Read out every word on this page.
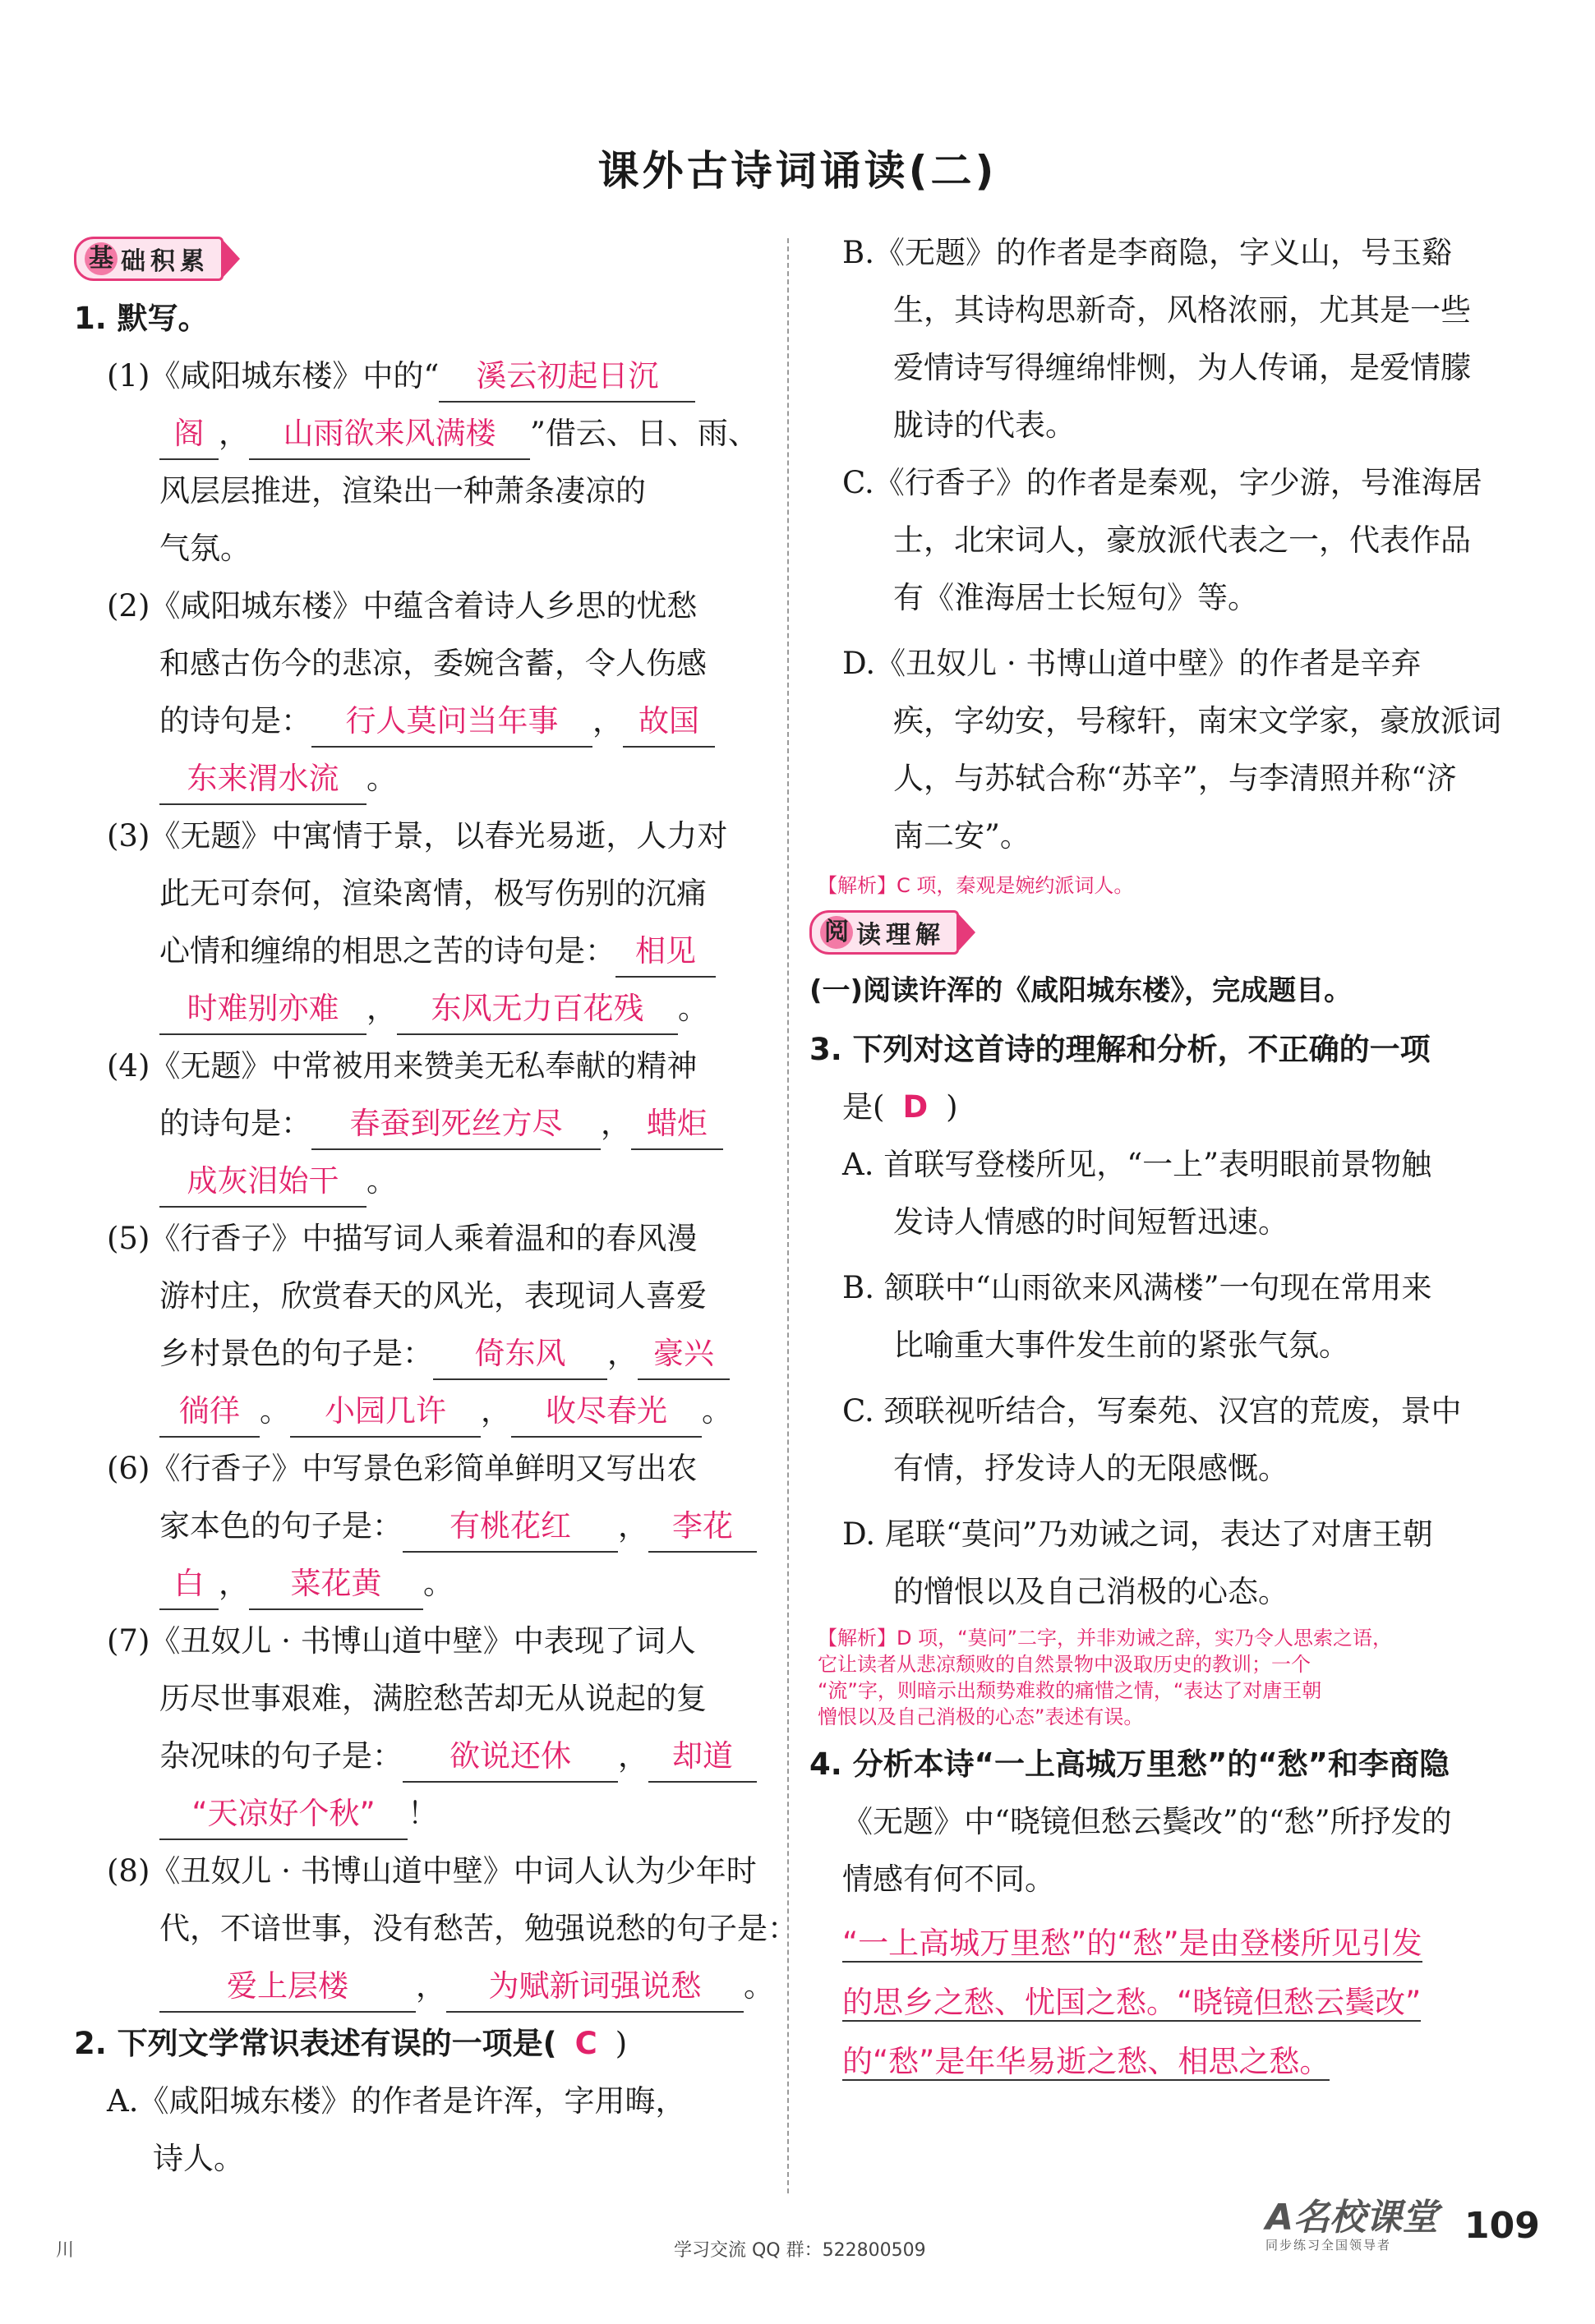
课外古诗词诵读(二)
基 础积累
1. 默写。
(1)《咸阳城东楼》中的“ 溪云初起日沉
阁 ， 山雨欲来风满楼 ”借云、日、雨、
风层层推进，渲染出一种萧条凄凉的
气氛。
(2)《咸阳城东楼》中蕴含着诗人乡思的忧愁
和感古伤今的悲凉，委婉含蓄，令人伤感
的诗句是： 行人莫问当年事 ， 故国
东来渭水流 。
(3)《无题》中寓情于景，以春光易逝，人力对
此无可奈何，渲染离情，极写伤别的沉痛
心情和缠绵的相思之苦的诗句是： 相见
时难别亦难 ， 东风无力百花残 。
(4)《无题》中常被用来赞美无私奉献的精神
的诗句是： 春蚕到死丝方尽 ， 蜡炬
成灰泪始干 。
(5)《行香子》中描写词人乘着温和的春风漫
游村庄，欣赏春天的风光，表现词人喜爱
乡村景色的句子是： 倚东风 ， 豪兴
徜徉 。 小园几许 ， 收尽春光 。
(6)《行香子》中写景色彩简单鲜明又写出农
家本色的句子是： 有桃花红 ， 李花
白 ， 菜花黄 。
(7)《丑奴儿 · 书博山道中壁》中表现了词人
历尽世事艰难，满腔愁苦却无从说起的复
杂况味的句子是： 欲说还休 ， 却道
“天凉好个秋” ！
(8)《丑奴儿 · 书博山道中壁》中词人认为少年时
代，不谙世事，没有愁苦，勉强说愁的句子是：
爱上层楼 ， 为赋新词强说愁 。
2. 下列文学常识表述有误的一项是( C )
A.《咸阳城东楼》的作者是许浑，字用晦，
诗人。
B.《无题》的作者是李商隐，字义山，号玉谿
生，其诗构思新奇，风格浓丽，尤其是一些
爱情诗写得缠绵悱恻，为人传诵，是爱情朦
胧诗的代表。
C.《行香子》的作者是秦观，字少游，号淮海居
士，北宋词人，豪放派代表之一，代表作品
有《淮海居士长短句》等。
D.《丑奴儿 · 书博山道中壁》的作者是辛弃
疾，字幼安，号稼轩，南宋文学家，豪放派词
人，与苏轼合称“苏辛”，与李清照并称“济
南二安”。
【解析】C 项，秦观是婉约派词人。
阅 读理解
(一)阅读许浑的《咸阳城东楼》，完成题目。
3. 下列对这首诗的理解和分析，不正确的一项
是( D )
A. 首联写登楼所见，“一上”表明眼前景物触
发诗人情感的时间短暂迅速。
B. 颔联中“山雨欲来风满楼”一句现在常用来
比喻重大事件发生前的紧张气氛。
C. 颈联视听结合，写秦苑、汉宫的荒废，景中
有情，抒发诗人的无限感慨。
D. 尾联“莫问”乃劝诫之词，表达了对唐王朝
的憎恨以及自己消极的心态。
【解析】D 项，“莫问”二字，并非劝诫之辞，实乃令人思索之语，
它让读者从悲凉颓败的自然景物中汲取历史的教训；一个
“流”字，则暗示出颓势难救的痛惜之情，“表达了对唐王朝
憎恨以及自己消极的心态”表述有误。
4. 分析本诗“一上高城万里愁”的“愁”和李商隐
《无题》中“晓镜但愁云鬓改”的“愁”所抒发的
情感有何不同。
“一上高城万里愁”的“愁”是由登楼所见引发
的思乡之愁、忧国之愁。“晓镜但愁云鬓改”
的“愁”是年华易逝之愁、相思之愁。
川	学习交流 QQ 群：522800509
A名校课堂
同步练习全国领导者	109
